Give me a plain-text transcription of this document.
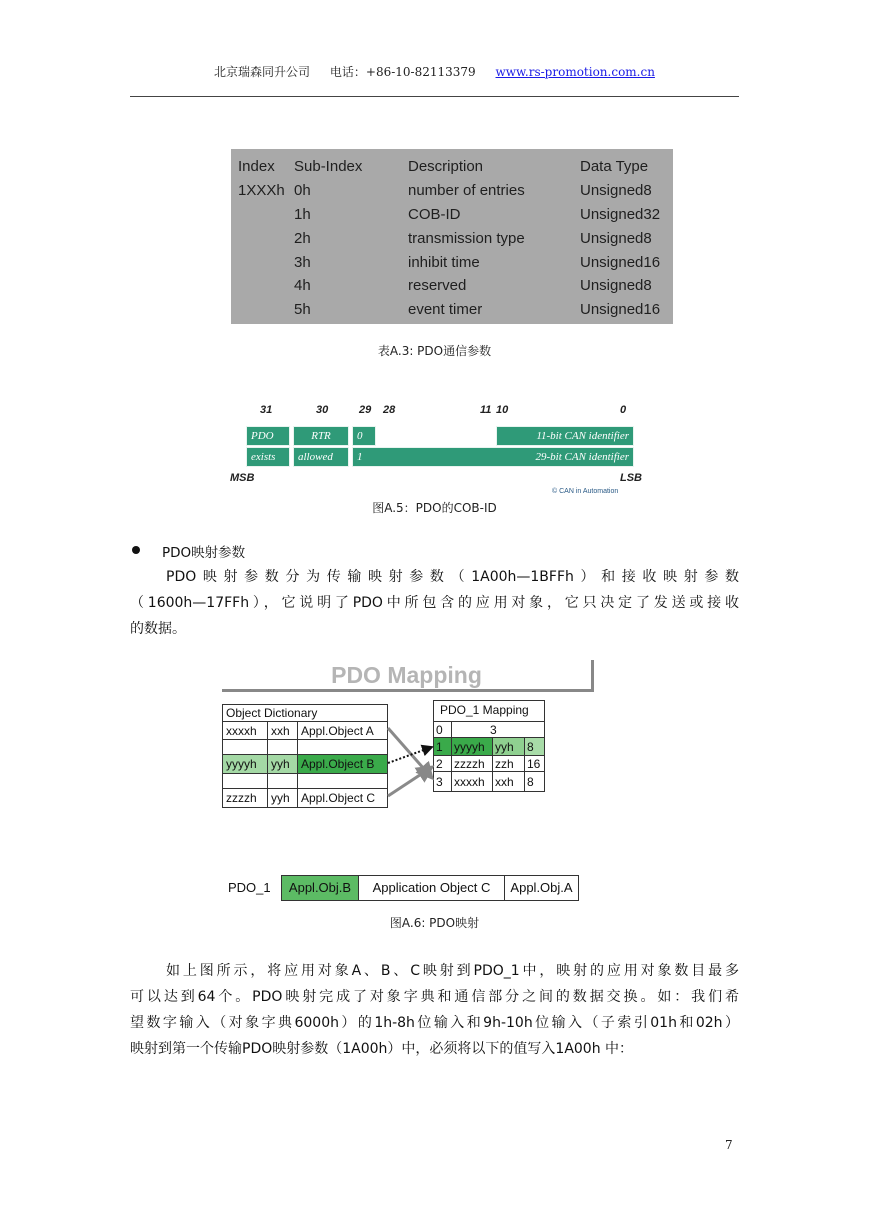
北京瑞森同升公司 电话：+86-10-82113379 www.rs-promotion.com.cn
Index Sub-Index	Description	Data Type
1XXXh 0h	number of entries	Unsigned8
1h	COB-ID	Unsigned32
2h	transmission type	Unsigned8
3h	inhibit time	Unsigned16
4h	reserved	Unsigned8
5h	event timer	Unsigned16
表A.3: PDO通信参数
31	30	29 28	11 10	0
PDO	RTR	0	11-bit CAN identifier
exists	allowed	1	29-bit CAN identifier
MSB	LSB
© CAN in Automation
图A.5：PDO的COB-ID
PDO映射参数
PDO映射参数分为传输映射参数（1A00h—1BFFh）和接收映射参数
（1600h—17FFh），它说明了PDO中所包含的应用对象，它只决定了发送或接收
的数据。
PDO Mapping
Object Dictionary
xxxxh	xxh Appl.Object A
yyyyh	yyh Appl.Object B
zzzzh	yyh Appl.Object C
PDO_1 Mapping
0	3
1 yyyyh yyh	8
2 zzzzh zzh	16
3 xxxxh xxh	8
PDO_1	Appl.Obj.B	Application Object C	Appl.Obj.A
图A.6: PDO映射
如上图所示，将应用对象A、B、C映射到PDO_1中，映射的应用对象数目最多
可以达到64个。PDO映射完成了对象字典和通信部分之间的数据交换。如：我们希
望数字输入（对象字典6000h）的1h-8h位输入和9h-10h位输入（子索引01h和02h）
映射到第一个传输PDO映射参数（1A00h）中，必须将以下的值写入1A00h 中：
7
